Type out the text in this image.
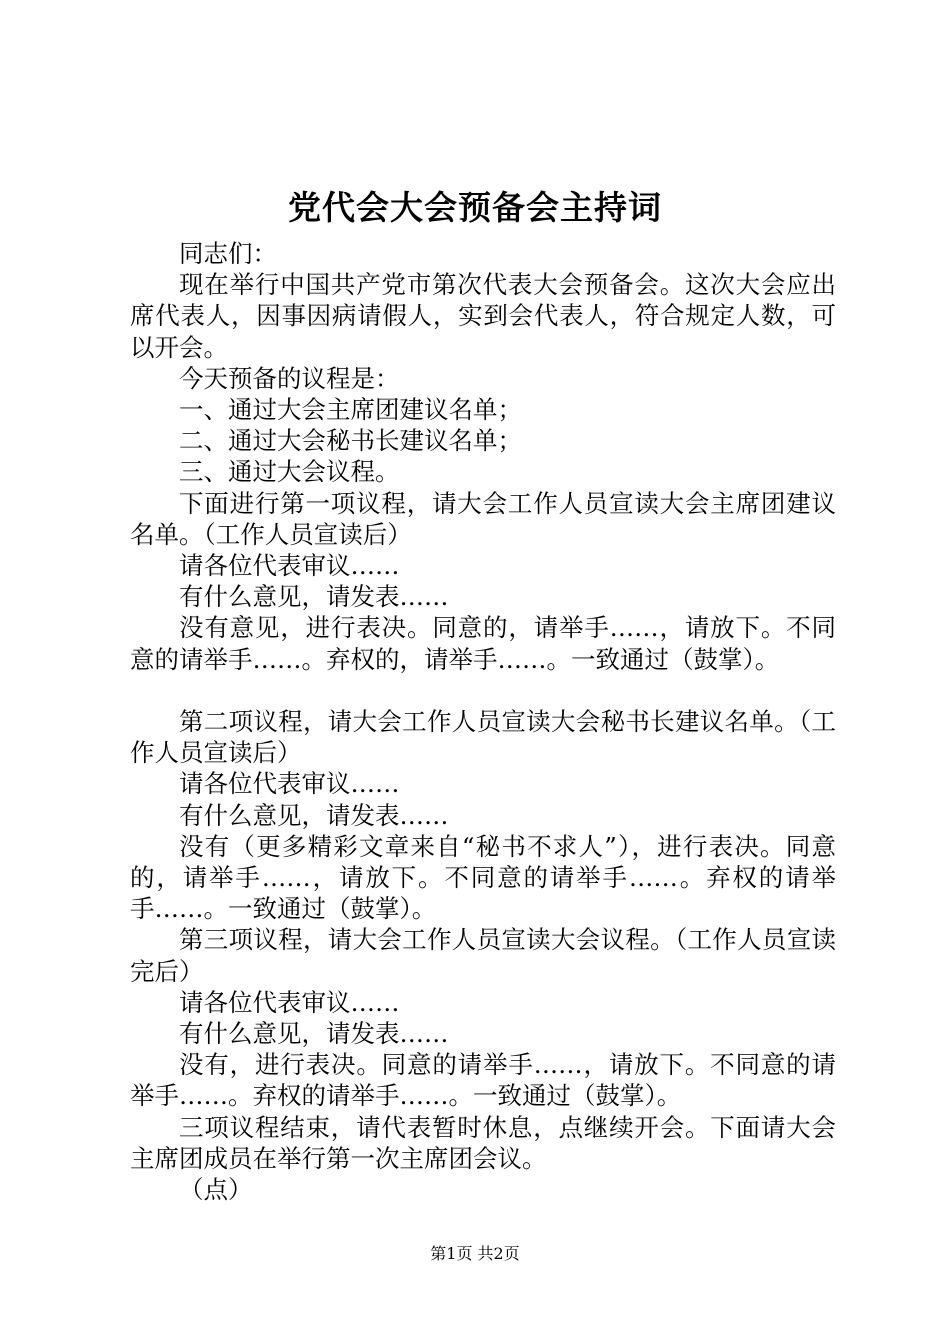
党代会大会预备会主持词

同志们：

现在举行中国共产党市第次代表大会预备会。这次大会应出席代表人，因事因病请假人，实到会代表人，符合规定人数，可以开会。

今天预备的议程是：

一、通过大会主席团建议名单；

二、通过大会秘书长建议名单；

三、通过大会议程。

下面进行第一项议程，请大会工作人员宣读大会主席团建议名单。（工作人员宣读后）

请各位代表审议……

有什么意见，请发表……

没有意见，进行表决。同意的，请举手……，请放下。不同意的请举手……。弃权的，请举手……。一致通过（鼓掌）。

第二项议程，请大会工作人员宣读大会秘书长建议名单。（工作人员宣读后）

请各位代表审议……

有什么意见，请发表……

没有（更多精彩文章来自“秘书不求人”），进行表决。同意的，请举手……，请放下。不同意的请举手……。弃权的请举手……。一致通过（鼓掌）。

第三项议程，请大会工作人员宣读大会议程。（工作人员宣读完后）

请各位代表审议……

有什么意见，请发表……

没有，进行表决。同意的请举手……，请放下。不同意的请举手……。弃权的请举手……。一致通过（鼓掌）。

三项议程结束，请代表暂时休息，点继续开会。下面请大会主席团成员在举行第一次主席团会议。

（点）

第1页 共2页
